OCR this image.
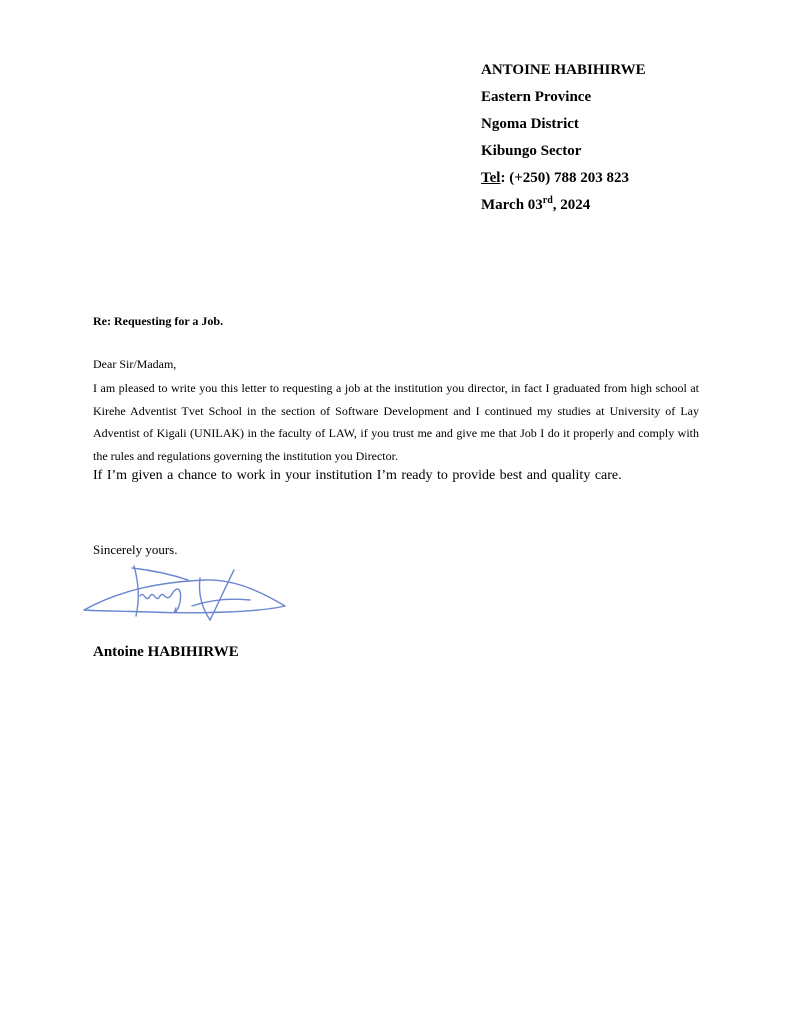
ANTOINE HABIHIRWE
Eastern Province
Ngoma District
Kibungo Sector
Tel: (+250) 788 203 823
March 03rd, 2024
Re: Requesting for a Job.
Dear Sir/Madam,
I am pleased to write you this letter to requesting a job at the institution you director, in fact I graduated from high school at Kirehe Adventist Tvet School in the section of Software Development and I continued my studies at University of Lay Adventist of Kigali (UNILAK) in the faculty of LAW, if you trust me and give me that Job I do it properly and comply with the rules and regulations governing the institution you Director.
If I’m given a chance to work in your institution I’m ready to provide best and quality care.
Sincerely yours.
Antoine HABIHIRWE
